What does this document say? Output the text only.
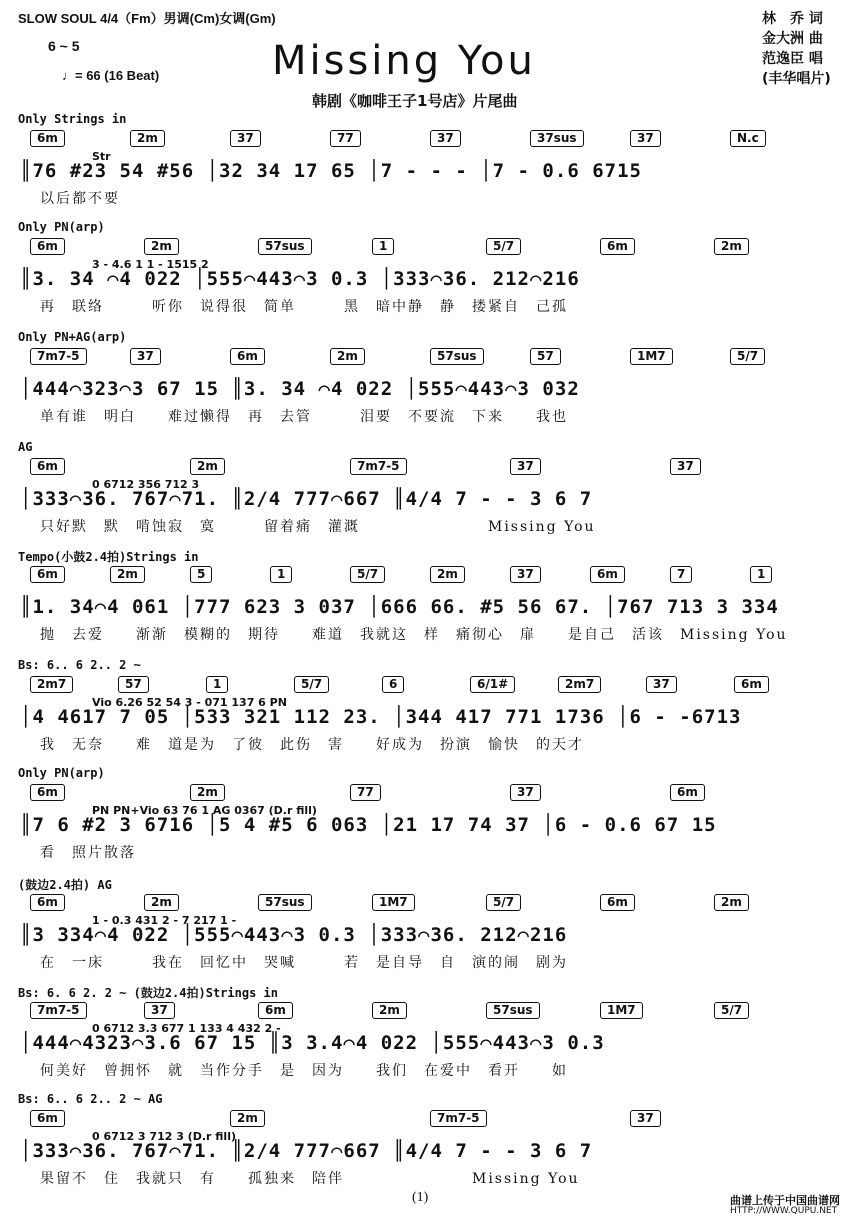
SLOW SOUL 4/4（Fm）男调(Cm)女调(Gm)
6 ~ 5
♩= 66 (16 Beat)	Missing You
韩剧《咖啡王子1号店》片尾曲
林　乔 词
金大洲 曲
范逸臣 唱
(丰华唱片)
Only Strings in
6m	2m	37	77	37	37sus	37	N.c
Str
║76 #23 54 #56 │32 34 17 65 │7 - - - │7 - 0.6 6715
以后都不要
Only PN(arp)
6m	2m	57sus	1	5/7	6m	2m
3 - 4.6 1 1 - 1515 2
║3. 34 ⌒4 022 │555⌒443⌒3 0.3 │333⌒36. 212⌒216
再　联络　　　听你　说得很　简单　　　黑　暗中静　静　搂紧自　己孤
Only PN+AG(arp)
7m7-5	37	6m	2m	57sus	57	1M7	5/7
│444⌒323⌒3 67 15 ║3. 34 ⌒4 022 │555⌒443⌒3 032
单有谁　明白　　难过懒得　再　去管　　　泪要　不要流　下来　　我也
AG
6m	2m	7m7-5	37	37
0 6712 356 712 3
│333⌒36. 767⌒71. ║2/4 777⌒667 ║4/4 7 - - 3 6 7
只好默　默　啃蚀寂　寞　　　留着痛　灌溉　　　　　　　　Missing You
Tempo(小鼓2.4拍)Strings in
6m	2m	5	1	5/7	2m	37	6m	7	1
║1. 34⌒4 061 │777 623 3 037 │666 66. #5 56 67. │767 713 3 334
抛　去爱　　渐渐　模糊的　期待　　难道　我就这　样　痛彻心　扉　　是自己　活该　Missing You
Bs: 6.. 6 2.. 2 ~
2m7	57	1	5/7	6	6/1#	2m7	37	6m
Vio 6.26 52 54 3 - 071 137 6 PN
│4 4617 7 05 │533 321 112 23. │344 417 771 1736 │6 - -6713
我　无奈　　难　道是为　了彼　此伤　害　　好成为　扮演　愉快　的天才
Only PN(arp)
6m	2m	77	37	6m
PN PN+Vio 63 76 1 AG 0367 (D.r fill)
║7 6 #2 3 6716 │5 4 #5 6 063 │21 17 74 37 │6 - 0.6 67 15
看　照片散落
(鼓边2.4拍) AG
6m	2m	57sus	1M7	5/7	6m	2m
1 - 0.3 431 2 - 7 217 1 -
║3 334⌒4 022 │555⌒443⌒3 0.3 │333⌒36. 212⌒216
在　一床　　　我在　回忆中　哭喊　　　若　是自导　自　演的闹　剧为
Bs: 6. 6 2. 2 ~ (鼓边2.4拍)Strings in
7m7-5	37	6m	2m	57sus	1M7	5/7
0 6712 3.3 677 1 133 4 432 2 -
│444⌒4323⌒3.6 67 15 ║3 3.4⌒4 022 │555⌒443⌒3 0.3
何美好　曾拥怀　就　当作分手　是　因为　　我们　在爱中　看开　　如
Bs: 6.. 6 2.. 2 ~ AG
6m	2m	7m7-5	37
0 6712 3 712 3 (D.r fill)
│333⌒36. 767⌒71. ║2/4 777⌒667 ║4/4 7 - - 3 6 7
果留不　住　我就只　有　　孤独来　陪伴　　　　　　　　Missing You
(1)	曲谱上传于中国曲谱网
HTTP://WWW.QUPU.NET
